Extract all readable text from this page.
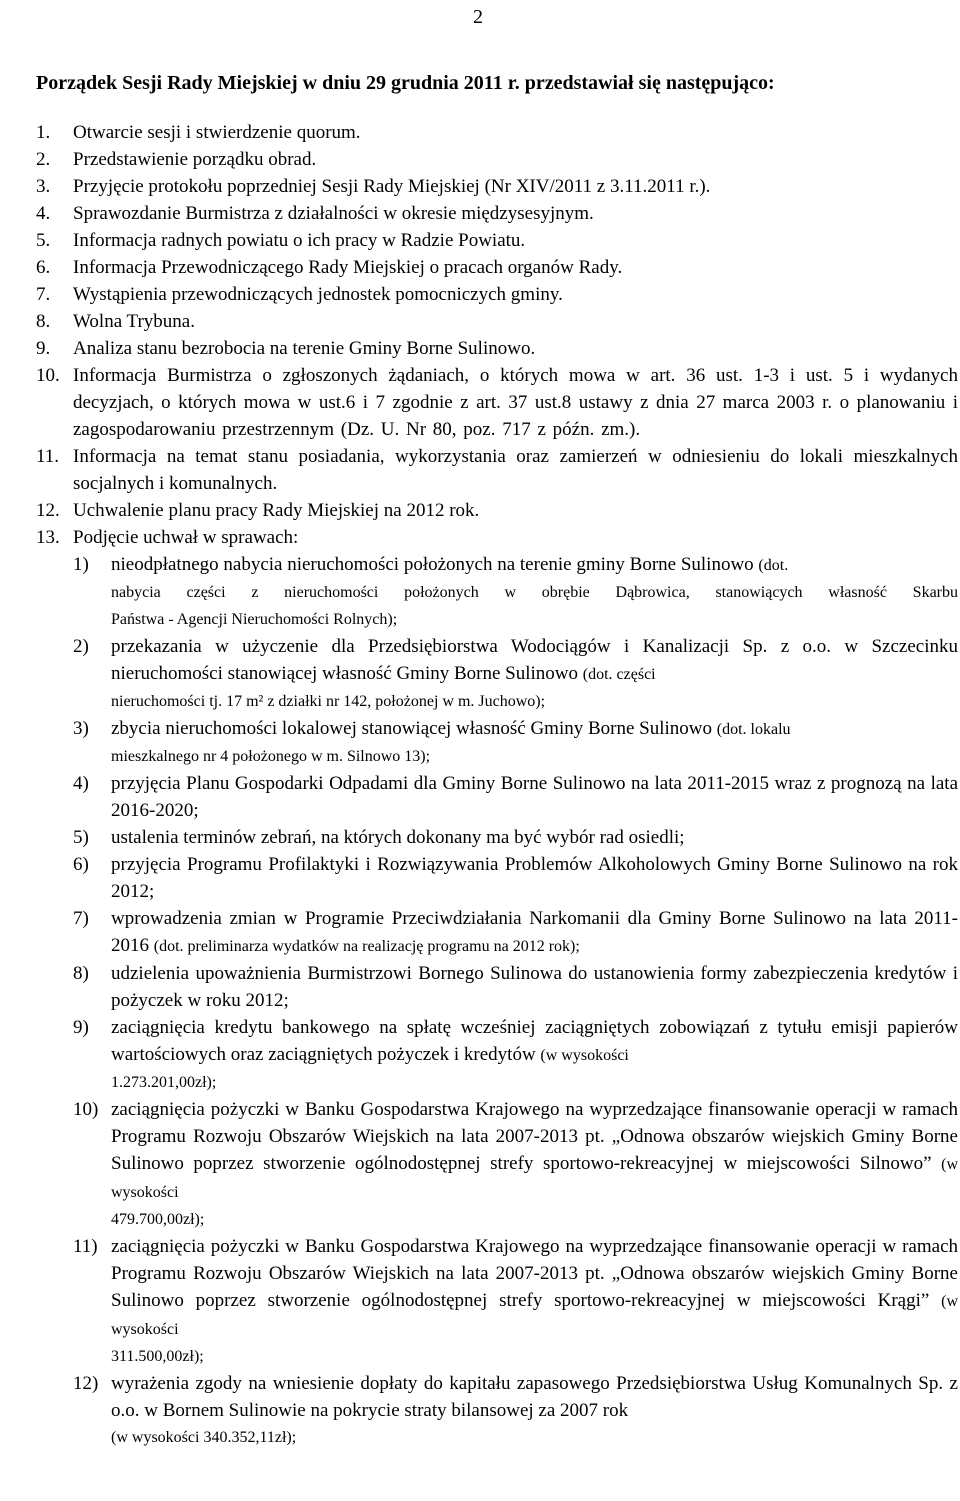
2
Porządek Sesji Rady Miejskiej w dniu 29 grudnia 2011 r. przedstawiał się następująco:
1.	Otwarcie sesji i stwierdzenie quorum.
2.	Przedstawienie porządku obrad.
3.	Przyjęcie protokołu poprzedniej Sesji Rady Miejskiej (Nr XIV/2011 z 3.11.2011 r.).
4.	Sprawozdanie Burmistrza z działalności w okresie międzysesyjnym.
5.	Informacja radnych powiatu o ich pracy w Radzie Powiatu.
6.	Informacja Przewodniczącego Rady Miejskiej o pracach organów Rady.
7.	Wystąpienia przewodniczących jednostek pomocniczych gminy.
8.	Wolna Trybuna.
9.	Analiza stanu bezrobocia na terenie Gminy Borne Sulinowo.
10. Informacja Burmistrza o zgłoszonych żądaniach, o których mowa w art. 36 ust. 1-3 i ust. 5 i wydanych decyzjach, o których mowa w ust.6 i 7 zgodnie z art. 37 ust.8 ustawy z dnia 27 marca 2003 r. o planowaniu i zagospodarowaniu przestrzennym (Dz. U. Nr 80, poz. 717 z późn. zm.).
11. Informacja na temat stanu posiadania, wykorzystania oraz zamierzeń w odniesieniu do lokali mieszkalnych socjalnych i komunalnych.
12. Uchwalenie planu pracy Rady Miejskiej na 2012 rok.
13. Podjęcie uchwał w sprawach:
1)	nieodpłatnego nabycia nieruchomości położonych na terenie gminy Borne Sulinowo (dot.
nabycia części z nieruchomości położonych w obrębie Dąbrowica, stanowiących własność Skarbu
Państwa - Agencji Nieruchomości Rolnych);
2)	przekazania w użyczenie dla Przedsiębiorstwa Wodociągów i Kanalizacji Sp. z o.o. w Szczecinku nieruchomości stanowiącej własność Gminy Borne Sulinowo (dot. części
nieruchomości tj. 17 m² z działki nr 142, położonej w m. Juchowo);
3)	zbycia nieruchomości lokalowej stanowiącej własność Gminy Borne Sulinowo (dot. lokalu
mieszkalnego nr 4 położonego w m. Silnowo 13);
4)	przyjęcia Planu Gospodarki Odpadami dla Gminy Borne Sulinowo na lata 2011-2015 wraz z prognozą na lata 2016-2020;
5)	ustalenia terminów zebrań, na których dokonany ma być wybór rad osiedli;
6)	przyjęcia Programu Profilaktyki i Rozwiązywania Problemów Alkoholowych Gminy Borne Sulinowo na rok 2012;
7)	wprowadzenia zmian w Programie Przeciwdziałania Narkomanii dla Gminy Borne Sulinowo na lata 2011-2016 (dot. preliminarza wydatków na realizację programu na 2012 rok);
8)	udzielenia upoważnienia Burmistrzowi Bornego Sulinowa do ustanowienia formy zabezpieczenia kredytów i pożyczek w roku 2012;
9)	zaciągnięcia kredytu bankowego na spłatę wcześniej zaciągniętych zobowiązań z tytułu emisji papierów wartościowych oraz zaciągniętych pożyczek i kredytów (w wysokości
1.273.201,00zł);
10) zaciągnięcia pożyczki w Banku Gospodarstwa Krajowego na wyprzedzające finansowanie operacji w ramach Programu Rozwoju Obszarów Wiejskich na lata 2007-2013 pt. „Odnowa obszarów wiejskich Gminy Borne Sulinowo poprzez stworzenie ogólnodostępnej strefy sportowo-rekreacyjnej w miejscowości Silnowo” (w wysokości
479.700,00zł);
11) zaciągnięcia pożyczki w Banku Gospodarstwa Krajowego na wyprzedzające finansowanie operacji w ramach Programu Rozwoju Obszarów Wiejskich na lata 2007-2013 pt. „Odnowa obszarów wiejskich Gminy Borne Sulinowo poprzez stworzenie ogólnodostępnej strefy sportowo-rekreacyjnej w miejscowości Krągi” (w wysokości
311.500,00zł);
12) wyrażenia zgody na wniesienie dopłaty do kapitału zapasowego Przedsiębiorstwa Usług Komunalnych Sp. z o.o. w Bornem Sulinowie na pokrycie straty bilansowej za 2007 rok
(w wysokości 340.352,11zł);
